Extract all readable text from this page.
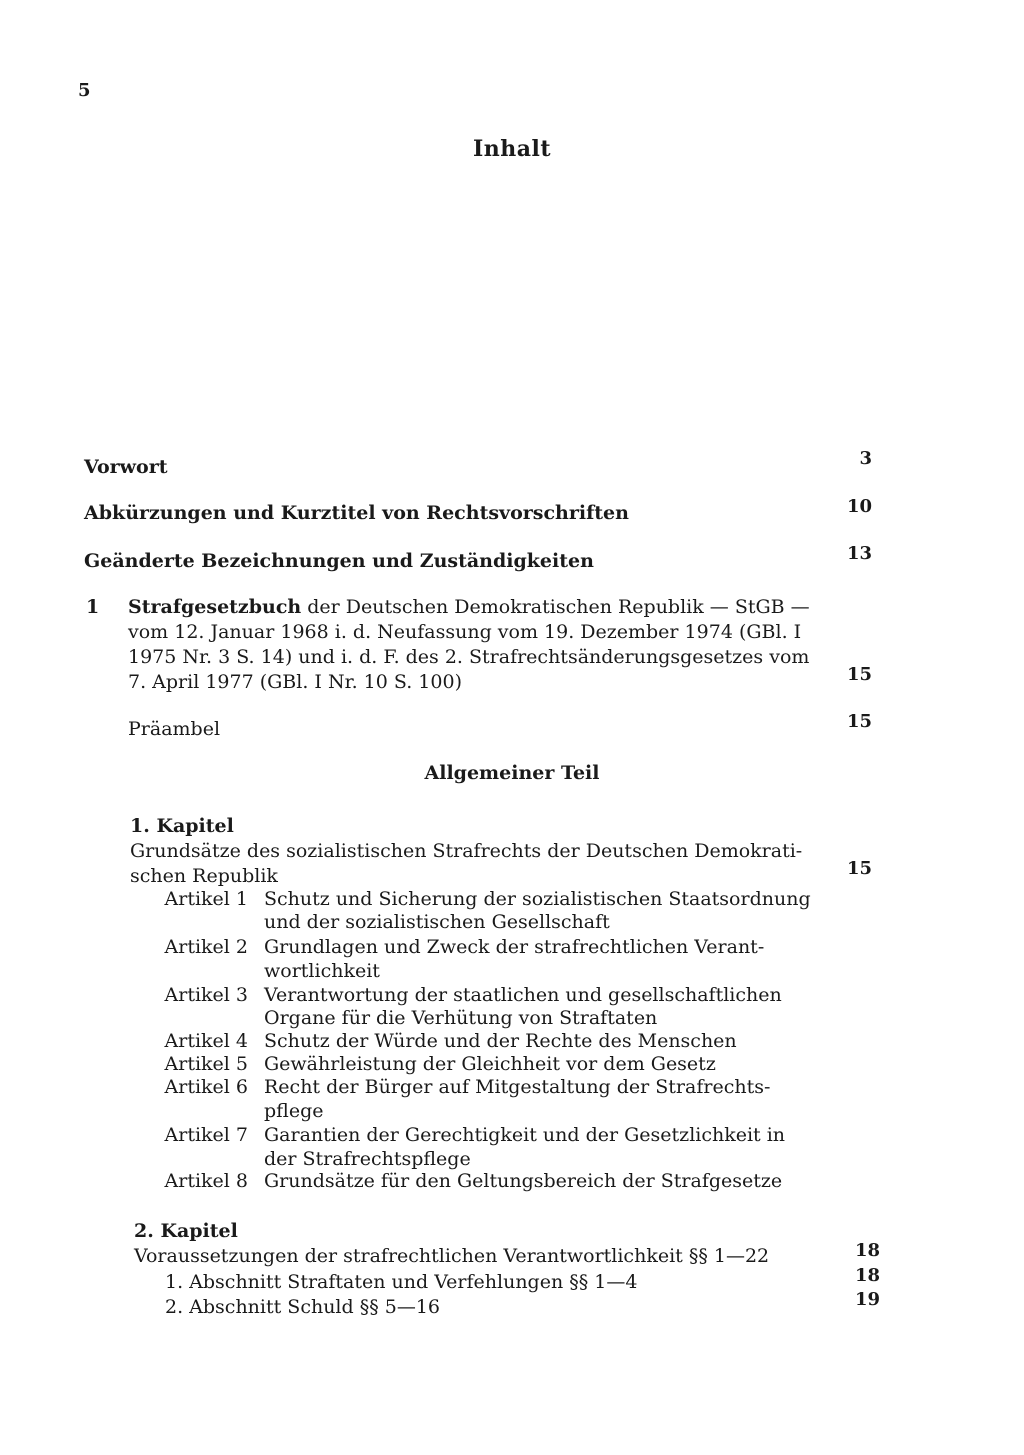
5
Inhalt
Vorwort	3
Abkürzungen und Kurztitel von Rechtsvorschriften	10
Geänderte Bezeichnungen und Zuständigkeiten	13
1 Strafgesetzbuch der Deutschen Demokratischen Republik — StGB —
vom 12. Januar 1968 i. d. Neufassung vom 19. Dezember 1974 (GBl. I
1975 Nr. 3 S. 14) und i. d. F. des 2. Strafrechtsänderungsgesetzes vom
7. April 1977 (GBl. I Nr. 10 S. 100)	15
Präambel	15
Allgemeiner Teil
1. Kapitel
Grundsätze des sozialistischen Strafrechts der Deutschen Demokrati-
schen Republik	15
Artikel 1 Schutz und Sicherung der sozialistischen Staatsordnung
und der sozialistischen Gesellschaft
Artikel 2 Grundlagen und Zweck der strafrechtlichen Verant-
wortlichkeit
Artikel 3 Verantwortung der staatlichen und gesellschaftlichen
Organe für die Verhütung von Straftaten
Artikel 4 Schutz der Würde und der Rechte des Menschen
Artikel 5 Gewährleistung der Gleichheit vor dem Gesetz
Artikel 6 Recht der Bürger auf Mitgestaltung der Strafrechts-
pflege
Artikel 7 Garantien der Gerechtigkeit und der Gesetzlichkeit in
der Strafrechtspflege
Artikel 8 Grundsätze für den Geltungsbereich der Strafgesetze
2. Kapitel
Voraussetzungen der strafrechtlichen Verantwortlichkeit §§ 1—22	18
1. Abschnitt Straftaten und Verfehlungen §§ 1—4	18
2. Abschnitt Schuld §§ 5—16	19
